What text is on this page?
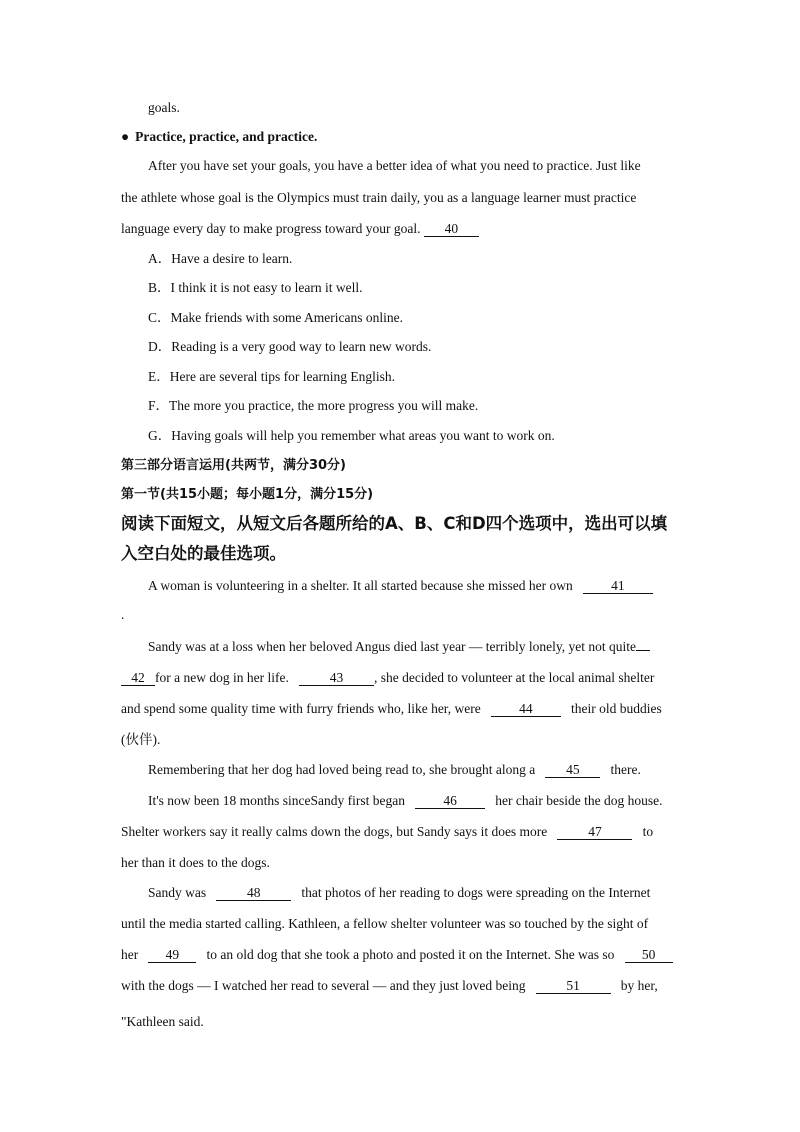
goals.
● Practice, practice, and practice.
After you have set your goals, you have a better idea of what you need to practice. Just like
the athlete whose goal is the Olympics must train daily, you as a language learner must practice
language every day to make progress toward your goal. 40
A．Have a desire to learn.
B．I think it is not easy to learn it well.
C．Make friends with some Americans online.
D．Reading is a very good way to learn new words.
E．Here are several tips for learning English.
F．The more you practice, the more progress you will make.
G．Having goals will help you remember what areas you want to work on.
第三部分语言运用(共两节，满分30分)
第一节(共15小题；每小题1分，满分15分)
阅读下面短文，从短文后各题所给的A、B、C和D四个选项中，选出可以填
入空白处的最佳选项。
A woman is volunteering in a shelter. It all started because she missed her own	41
.
Sandy was at a loss when her beloved Angus died last year — terribly lonely, yet not quite
42 for a new dog in her life.	43 , she decided to volunteer at the local animal shelter
and spend some quality time with furry friends who, like her, were	44	their old buddies
(伙伴).
Remembering that her dog had loved being read to, she brought along a 45 there.
It's now been 18 months sinceSandy first began	46	her chair beside the dog house.
Shelter workers say it really calms down the dogs, but Sandy says it does more	47	to
her than it does to the dogs.
Sandy was	48	that photos of her reading to dogs were spreading on the Internet
until the media started calling. Kathleen, a fellow shelter volunteer was so touched by the sight of
her 49 to an old dog that she took a photo and posted it on the Internet. She was so 50
with the dogs — I watched her read to several — and they just loved being	51	by her,
"Kathleen said.
